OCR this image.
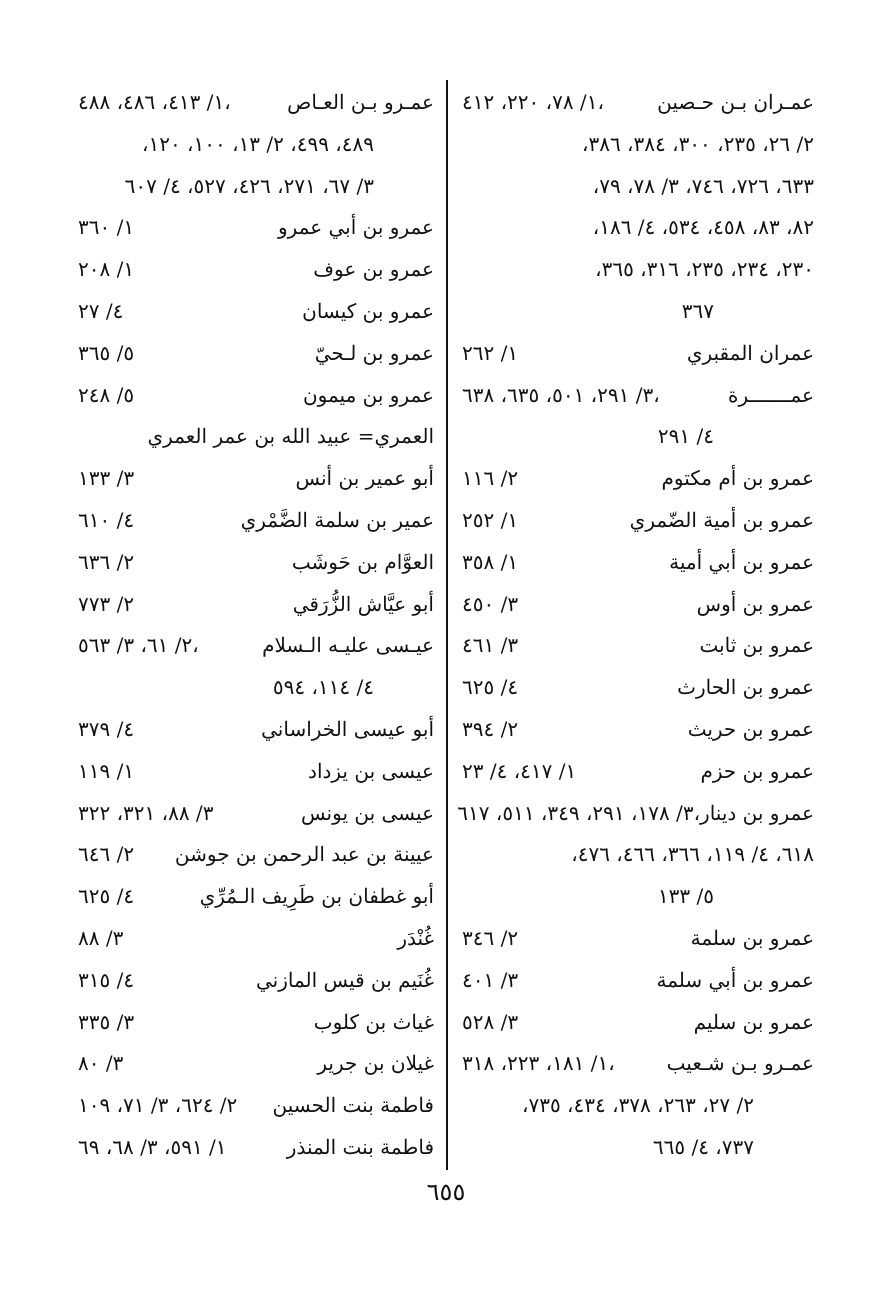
عمـران بـن حـصين
١/ ٧٨، ٢٢٠، ٤١٢،
٢/ ٢٦، ٢٣٥، ٣٠٠، ٣٨٤، ٣٨٦،
٦٣٣، ٧٢٦، ٧٤٦، ٣/ ٧٨، ٧٩،
٨٢، ٨٣، ٤٥٨، ٥٣٤، ٤/ ١٨٦،
٢٣٠، ٢٣٤، ٢٣٥، ٣١٦، ٣٦٥،
٣٦٧
عمران المقبري
١/ ٢٦٢
عمـــــــرة
٣/ ٢٩١، ٥٠١، ٦٣٥، ٦٣٨،
٤/ ٢٩١
عمرو بن أم مكتوم
٢/ ١١٦
عمرو بن أمية الضّمري
١/ ٢٥٢
عمرو بن أبي أمية
١/ ٣٥٨
عمرو بن أوس
٣/ ٤٥٠
عمرو بن ثابت
٣/ ٤٦١
عمرو بن الحارث
٤/ ٦٢٥
عمرو بن حريث
٢/ ٣٩٤
عمرو بن حزم
١/ ٤١٧، ٤/ ٢٣
عمرو بن دينار
٣/ ١٧٨، ٢٩١، ٣٤٩، ٥١١، ٦١٧،
٦١٨، ٤/ ١١٩، ٣٦٦، ٤٦٦، ٤٧٦،
٥/ ١٣٣
عمرو بن سلمة
٢/ ٣٤٦
عمرو بن أبي سلمة
٣/ ٤٠١
عمرو بن سليم
٣/ ٥٢٨
عمـرو بـن شـعيب
١/ ١٨١، ٢٢٣، ٣١٨،
٢/ ٢٧، ٢٦٣، ٣٧٨، ٤٣٤، ٧٣٥،
٧٣٧، ٤/ ٦٦٥
عمـرو بـن العـاص
١/ ٤١٣، ٤٨٦، ٤٨٨،
٤٨٩، ٤٩٩، ٢/ ١٣، ١٠٠، ١٢٠،
٣/ ٦٧، ٢٧١، ٤٢٦، ٥٢٧، ٤/ ٦٠٧
عمرو بن أبي عمرو
١/ ٣٦٠
عمرو بن عوف
١/ ٢٠٨
عمرو بن كيسان
٤/ ٢٧
عمرو بن لـحيّ
٥/ ٣٦٥
عمرو بن ميمون
٥/ ٢٤٨
العمري= عبيد الله بن عمر العمري
أبو عمير بن أنس
٣/ ١٣٣
عمير بن سلمة الضَّمْري
٤/ ٦١٠
العوَّام بن حَوشَب
٢/ ٦٣٦
أبو عيَّاش الزُّرَقي
٢/ ٧٧٣
عيـسى عليـه الـسلام
٢/ ٦١، ٣/ ٥٦٣،
٤/ ١١٤، ٥٩٤
أبو عيسى الخراساني
٤/ ٣٧٩
عيسى بن يزداد
١/ ١١٩
عيسى بن يونس
٣/ ٨٨، ٣٢١، ٣٢٢
عيينة بن عبد الرحمن بن جوشن
٢/ ٦٤٦
أبو غطفان بن طَرِيف الـمُرِّي
٤/ ٦٢٥
غُنْدَر
٣/ ٨٨
غُنَيم بن قيس المازني
٤/ ٣١٥
غياث بن كلوب
٣/ ٣٣٥
غيلان بن جرير
٣/ ٨٠
فاطمة بنت الحسين
٢/ ٦٢٤، ٣/ ٧١، ١٠٩
فاطمة بنت المنذر
١/ ٥٩١، ٣/ ٦٨، ٦٩
٦٥٥
